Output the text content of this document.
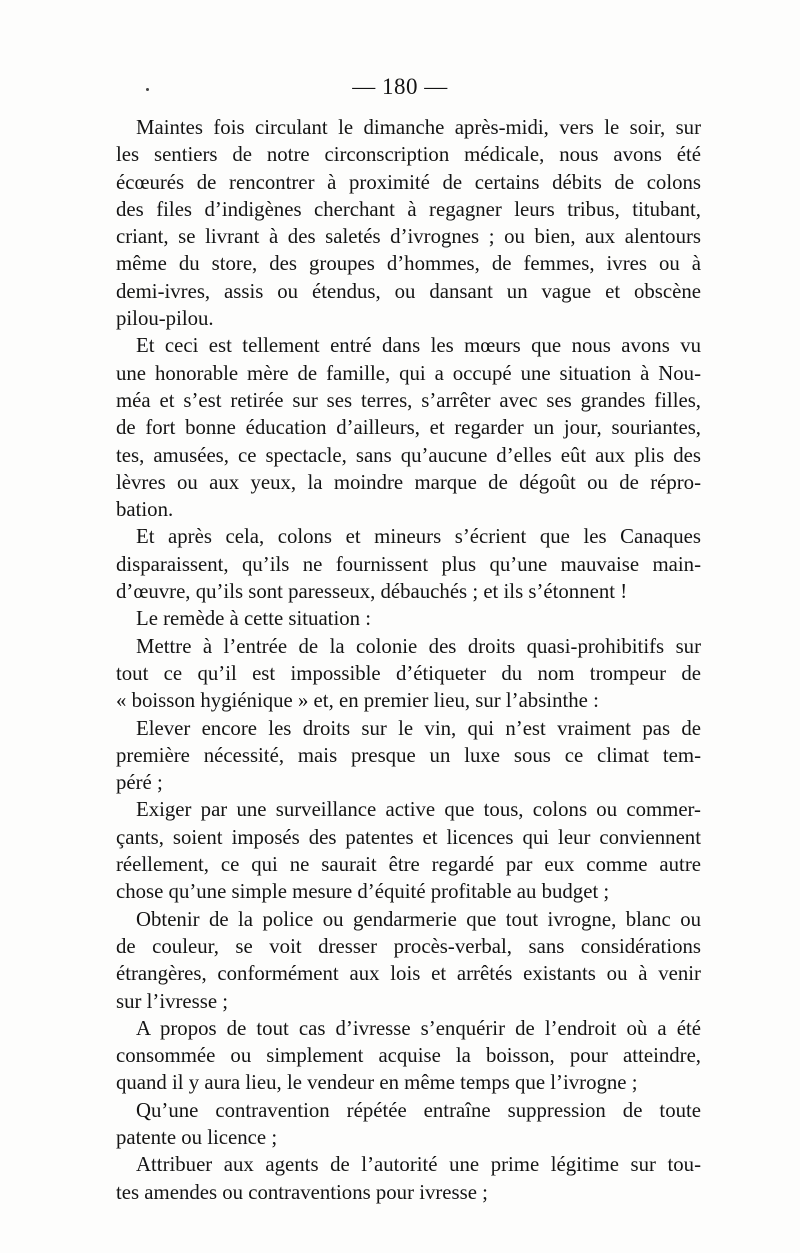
— 180 —

Maintes fois circulant le dimanche après-midi, vers le soir, sur
les sentiers de notre circonscription médicale, nous avons été
écœurés de rencontrer à proximité de certains débits de colons
des files d’indigènes cherchant à regagner leurs tribus, titubant,
criant, se livrant à des saletés d’ivrognes ; ou bien, aux alentours
même du store, des groupes d’hommes, de femmes, ivres ou à
demi-ivres, assis ou étendus, ou dansant un vague et obscène
pilou-pilou.

Et ceci est tellement entré dans les mœurs que nous avons vu
une honorable mère de famille, qui a occupé une situation à Nou-
méa et s’est retirée sur ses terres, s’arrêter avec ses grandes filles,
de fort bonne éducation d’ailleurs, et regarder un jour, souriantes,
tes, amusées, ce spectacle, sans qu’aucune d’elles eût aux plis des
lèvres ou aux yeux, la moindre marque de dégoût ou de répro-
bation.

Et après cela, colons et mineurs s’écrient que les Canaques
disparaissent, qu’ils ne fournissent plus qu’une mauvaise main-
d’œuvre, qu’ils sont paresseux, débauchés ; et ils s’étonnent !

Le remède à cette situation :

Mettre à l’entrée de la colonie des droits quasi-prohibitifs sur
tout ce qu’il est impossible d’étiqueter du nom trompeur de
« boisson hygiénique » et, en premier lieu, sur l’absinthe :

Elever encore les droits sur le vin, qui n’est vraiment pas de
première nécessité, mais presque un luxe sous ce climat tem-
péré ;

Exiger par une surveillance active que tous, colons ou commer-
çants, soient imposés des patentes et licences qui leur conviennent
réellement, ce qui ne saurait être regardé par eux comme autre
chose qu’une simple mesure d’équité profitable au budget ;

Obtenir de la police ou gendarmerie que tout ivrogne, blanc ou
de couleur, se voit dresser procès-verbal, sans considérations
étrangères, conformément aux lois et arrêtés existants ou à venir
sur l’ivresse ;

A propos de tout cas d’ivresse s’enquérir de l’endroit où a été
consommée ou simplement acquise la boisson, pour atteindre,
quand il y aura lieu, le vendeur en même temps que l’ivrogne ;

Qu’une contravention répétée entraîne suppression de toute
patente ou licence ;

Attribuer aux agents de l’autorité une prime légitime sur tou-
tes amendes ou contraventions pour ivresse ;
